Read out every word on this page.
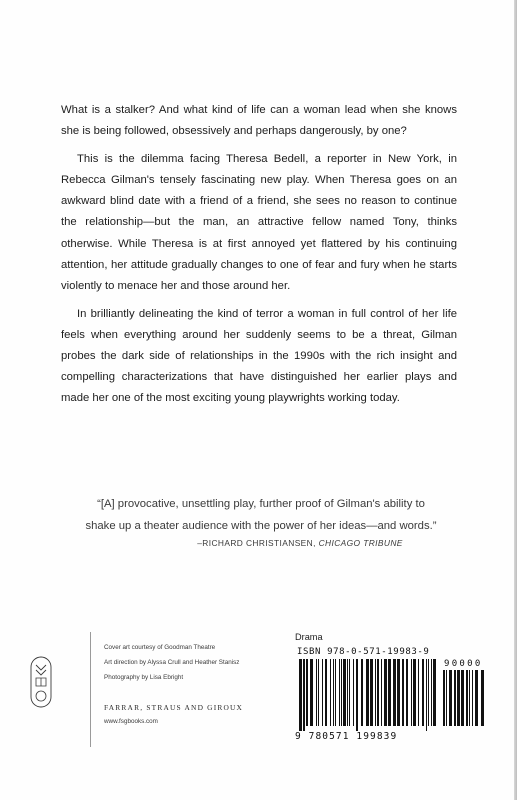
What is a stalker? And what kind of life can a woman lead when she knows she is being followed, obsessively and perhaps dangerously, by one?

This is the dilemma facing Theresa Bedell, a reporter in New York, in Rebecca Gilman's tensely fascinating new play. When Theresa goes on an awkward blind date with a friend of a friend, she sees no reason to continue the relationship—but the man, an attractive fellow named Tony, thinks otherwise. While Theresa is at first annoyed yet flattered by his continuing attention, her attitude gradually changes to one of fear and fury when he starts violently to menace her and those around her.

In brilliantly delineating the kind of terror a woman in full control of her life feels when everything around her suddenly seems to be a threat, Gilman probes the dark side of relationships in the 1990s with the rich insight and compelling characterizations that have distinguished her earlier plays and made her one of the most exciting young playwrights working today.

“[A] provocative, unsettling play, further proof of Gilman's ability to
shake up a theater audience with the power of her ideas—and words.”
–RICHARD CHRISTIANSEN, CHICAGO TRIBUNE
Cover art courtesy of Goodman Theatre
Art direction by Alyssa Crull and Heather Stanisz
Photography by Lisa Ebright
FARRAR, STRAUS AND GIROUX
www.fsgbooks.com
Drama
ISBN 978-0-571-19983-9
90000
9 780571 199839
